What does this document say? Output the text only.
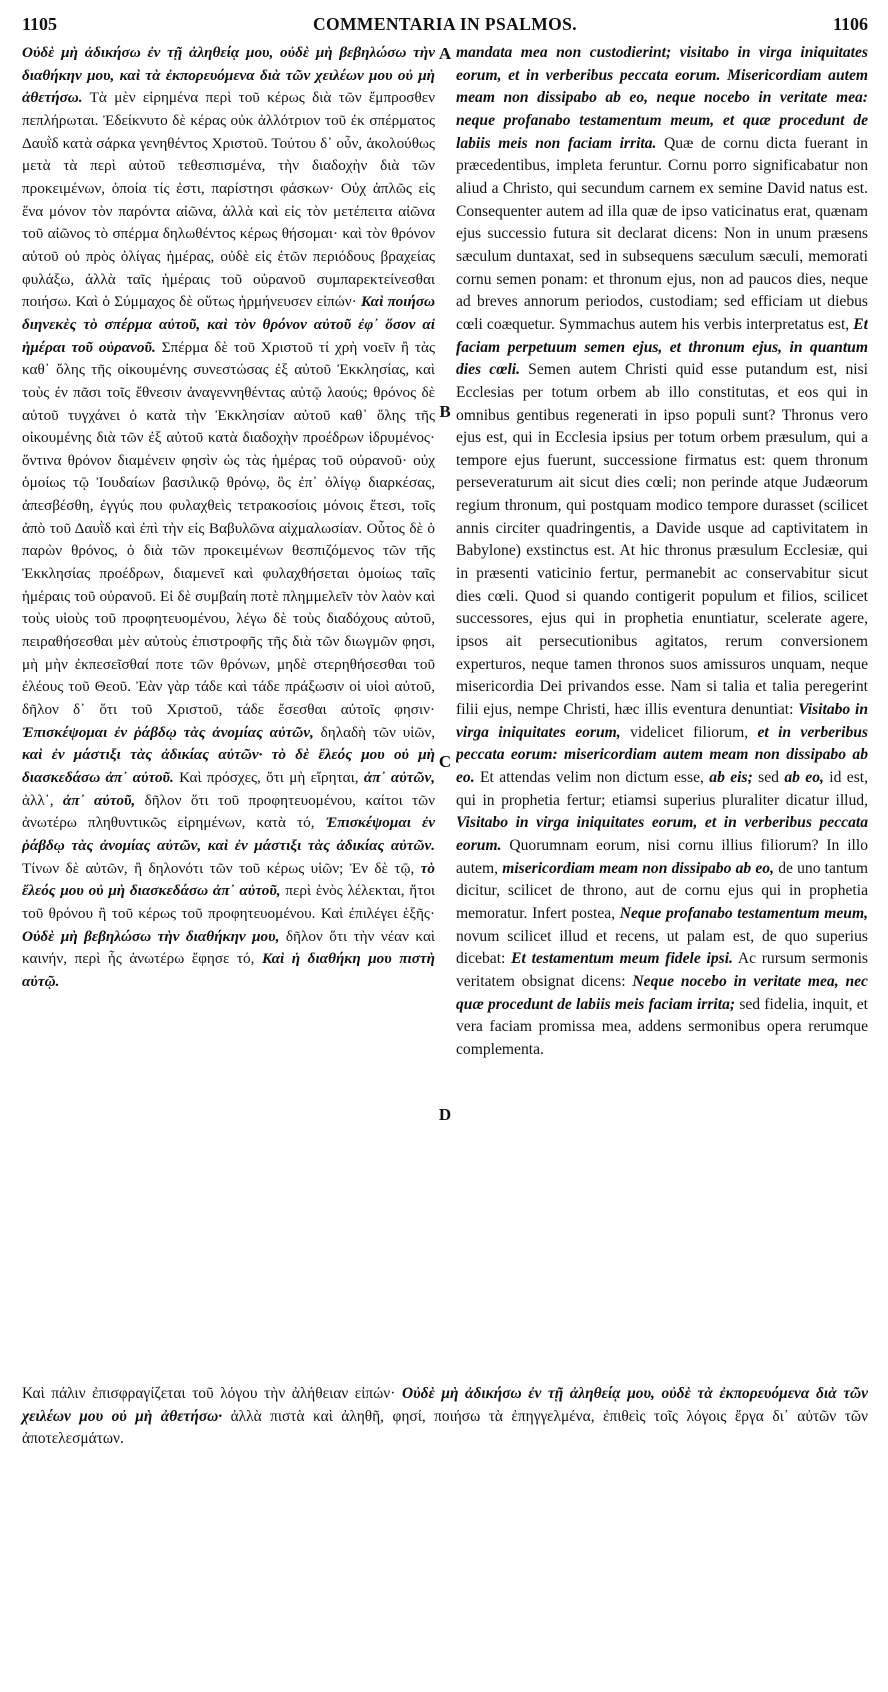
1105	COMMENTARIA IN PSALMOS.	1106

Οὐδὲ μὴ ἀδικήσω ἐν τῇ ἀληθείᾳ μου, οὐδὲ μὴ βεβηλώσω τὴν διαθήκην μου, καὶ τὰ ἐκπορευόμενα διὰ τῶν χειλέων μου οὐ μὴ ἀθετήσω. Τὰ μὲν εἰρημένα περὶ τοῦ κέρως διὰ τῶν ἔμπροσθεν πεπλήρωται. Ἐδείκνυτο δὲ κέρας οὐκ ἀλλότριον τοῦ ἐκ σπέρματος Δαυῒδ κατὰ σάρκα γενηθέντος Χριστοῦ. Τούτου δ᾽ οὖν, ἀκολούθως μετὰ τὰ περὶ αὐτοῦ τεθεσπισμένα, τὴν διαδοχὴν διὰ τῶν προκειμένων, ὁποία τίς ἐστι, παρίστησι φάσκων· Οὐχ ἁπλῶς εἰς ἕνα μόνον τὸν παρόντα αἰῶνα, ἀλλὰ καὶ εἰς τὸν μετέπειτα αἰῶνα τοῦ αἰῶνος τὸ σπέρμα δηλωθέντος κέρως θήσομαι· καὶ τὸν θρόνον αὐτοῦ οὐ πρὸς ὀλίγας ἡμέρας, οὐδὲ εἰς ἐτῶν περιόδους βραχείας φυλάξω, ἀλλὰ ταῖς ἡμέραις τοῦ οὐρανοῦ συμπαρεκτείνεσθαι ποιήσω. Καὶ ὁ Σύμμαχος δὲ οὕτως ἡρμήνευσεν εἰπών· Καὶ ποιήσω διηνεκὲς τὸ σπέρμα αὐτοῦ, καὶ τὸν θρόνον αὐτοῦ ἐφ᾽ ὅσον αἱ ἡμέραι τοῦ οὐρανοῦ. Σπέρμα δὲ τοῦ Χριστοῦ τί χρὴ νοεῖν ἢ τὰς καθ᾽ ὅλης τῆς οἰκουμένης συνεστώσας ἐξ αὐτοῦ Ἐκκλησίας, καὶ τοὺς ἐν πᾶσι τοῖς ἔθνεσιν ἀναγεννηθέντας αὐτῷ λαούς; θρόνος δὲ αὐτοῦ τυγχάνει ὁ κατὰ τὴν Ἐκκλησίαν αὐτοῦ καθ᾽ ὅλης τῆς οἰκουμένης διὰ τῶν ἐξ αὐτοῦ κατὰ διαδοχὴν προέδρων ἱδρυμένος· ὅντινα θρόνον διαμένειν φησὶν ὡς τὰς ἡμέρας τοῦ οὐρανοῦ· οὐχ ὁμοίως τῷ Ἰουδαίων βασιλικῷ θρόνῳ, ὃς ἐπ᾽ ὀλίγῳ διαρκέσας, ἀπεσβέσθη, ἐγγύς που φυλαχθεὶς τετρακοσίοις μόνοις ἔτεσι, τοῖς ἀπὸ τοῦ Δαυῒδ καὶ ἐπὶ τὴν εἰς Βαβυλῶνα αἰχμαλωσίαν. Οὗτος δὲ ὁ παρὼν θρόνος, ὁ διὰ τῶν προκειμένων θεσπιζόμενος τῶν τῆς Ἐκκλησίας προέδρων, διαμενεῖ καὶ φυλαχθήσεται ὁμοίως ταῖς ἡμέραις τοῦ οὐρανοῦ. Εἰ δὲ συμβαίη ποτὲ πλημμελεῖν τὸν λαὸν καὶ τοὺς υἱοὺς τοῦ προφητευομένου, λέγω δὲ τοὺς διαδόχους αὐτοῦ, πειραθήσεσθαι μὲν αὐτοὺς ἐπιστροφῆς τῆς διὰ τῶν διωγμῶν φησι, μὴ μὴν ἐκπεσεῖσθαί ποτε τῶν θρόνων, μηδὲ στερηθήσεσθαι τοῦ ἐλέους τοῦ Θεοῦ. Ἐὰν γὰρ τάδε καὶ τάδε πράξωσιν οἱ υἱοὶ αὐτοῦ, δῆλον δ᾽ ὅτι τοῦ Χριστοῦ, τάδε ἔσεσθαι αὐτοῖς φησιν· Ἐπισκέψομαι ἐν ῥάβδῳ τὰς ἀνομίας αὐτῶν, δηλαδὴ τῶν υἱῶν, καὶ ἐν μάστιξι τὰς ἀδικίας αὐτῶν· τὸ δὲ ἔλεός μου οὐ μὴ διασκεδάσω ἀπ᾽ αὐτοῦ. Καὶ πρόσχες, ὅτι μὴ εἴρηται, ἀπ᾽ αὐτῶν, ἀλλ᾽, ἀπ᾽ αὐτοῦ, δῆλον ὅτι τοῦ προφητευομένου, καίτοι τῶν ἀνωτέρω πληθυντικῶς εἰρημένων, κατὰ τό, Ἐπισκέψομαι ἐν ῥάβδῳ τὰς ἀνομίας αὐτῶν, καὶ ἐν μάστιξι τὰς ἀδικίας αὐτῶν. Τίνων δὲ αὐτῶν, ἢ δηλονότι τῶν τοῦ κέρως υἱῶν; Ἐν δὲ τῷ, τὸ ἔλεός μου οὐ μὴ διασκεδάσω ἀπ᾽ αὐτοῦ, περὶ ἑνὸς λέλεκται, ἤτοι τοῦ θρόνου ἢ τοῦ κέρως τοῦ προφητευομένου. Καὶ ἐπιλέγει ἑξῆς· Οὐδὲ μὴ βεβηλώσω τὴν διαθήκην μου, δῆλον ὅτι τὴν νέαν καὶ καινήν, περὶ ἧς ἀνωτέρω ἔφησε τό, Καὶ ἡ διαθήκη μου πιστὴ αὐτῷ.

A
B
C
D

mandata mea non custodierint; visitabo in virga iniquitates eorum, et in verberibus peccata eorum. Misericordiam autem meam non dissipabo ab eo, neque nocebo in veritate mea: neque profanabo testamentum meum, et quæ procedunt de labiis meis non faciam irrita. Quæ de cornu dicta fuerant in præcedentibus, impleta feruntur. Cornu porro significabatur non aliud a Christo, qui secundum carnem ex semine David natus est. Consequenter autem ad illa quæ de ipso vaticinatus erat, quænam ejus successio futura sit declarat dicens: Non in unum præsens sæculum duntaxat, sed in subsequens sæculum sæculi, memorati cornu semen ponam: et thronum ejus, non ad paucos dies, neque ad breves annorum periodos, custodiam; sed efficiam ut diebus cœli coæquetur. Symmachus autem his verbis interpretatus est, Et faciam perpetuum semen ejus, et thronum ejus, in quantum dies cœli. Semen autem Christi quid esse putandum est, nisi Ecclesias per totum orbem ab illo constitutas, et eos qui in omnibus gentibus regenerati in ipso populi sunt? Thronus vero ejus est, qui in Ecclesia ipsius per totum orbem præsulum, qui a tempore ejus fuerunt, successione firmatus est: quem thronum perseveraturum ait sicut dies cœli; non perinde atque Judæorum regium thronum, qui postquam modico tempore durasset (scilicet annis circiter quadringentis, a Davide usque ad captivitatem in Babylone) exstinctus est. At hic thronus præsulum Ecclesiæ, qui in præsenti vaticinio fertur, permanebit ac conservabitur sicut dies cœli. Quod si quando contigerit populum et filios, scilicet successores, ejus qui in prophetia enuntiatur, scelerate agere, ipsos ait persecutionibus agitatos, rerum conversionem experturos, neque tamen thronos suos amissuros unquam, neque misericordia Dei privandos esse. Nam si talia et talia peregerint filii ejus, nempe Christi, hæc illis eventura denuntiat: Visitabo in virga iniquitates eorum, videlicet filiorum, et in verberibus peccata eorum: misericordiam autem meam non dissipabo ab eo. Et attendas velim non dictum esse, ab eis; sed ab eo, id est, qui in prophetia fertur; etiamsi superius pluraliter dicatur illud, Visitabo in virga iniquitates eorum, et in verberibus peccata eorum. Quorumnam eorum, nisi cornu illius filiorum? In illo autem, misericordiam meam non dissipabo ab eo, de uno tantum dicitur, scilicet de throno, aut de cornu ejus qui in prophetia memoratur. Infert postea, Neque profanabo testamentum meum, novum scilicet illud et recens, ut palam est, de quo superius dicebat: Et testamentum meum fidele ipsi. Ac rursum sermonis veritatem obsignat dicens: Neque nocebo in veritate mea, nec quæ procedunt de labiis meis faciam irrita; sed fidelia, inquit, et vera faciam promissa mea, addens sermonibus opera rerumque complementa.

Καὶ πάλιν ἐπισφραγίζεται τοῦ λόγου τὴν ἀλήθειαν εἰπών· Οὐδὲ μὴ ἀδικήσω ἐν τῇ ἀληθείᾳ μου, οὐδὲ τὰ ἐκπορευόμενα διὰ τῶν χειλέων μου οὐ μὴ ἀθετήσω· ἀλλὰ πιστὰ καὶ ἀληθῆ, φησί, ποιήσω τὰ ἐπηγγελμένα, ἐπιθεὶς τοῖς λόγοις ἔργα δι᾽ αὐτῶν τῶν ἀποτελεσμάτων.
